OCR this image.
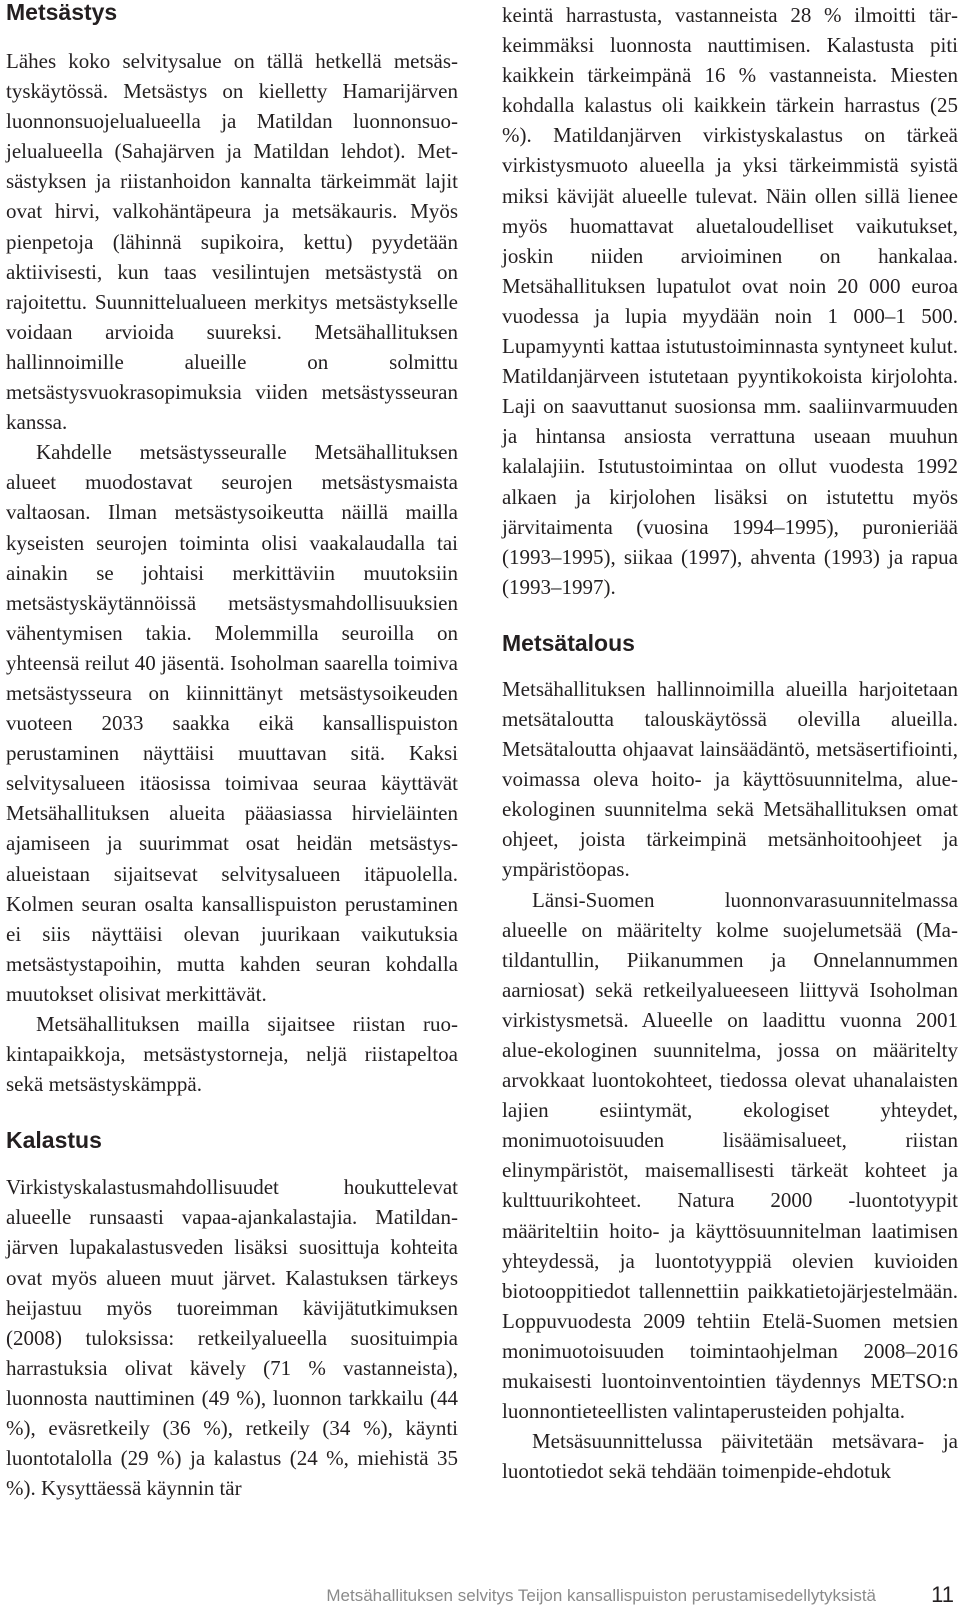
Metsästys

Lähes koko selvitysalue on tällä hetkellä metsästyskäytössä. Metsästys on kielletty Hamarijärven luonnonsuojelualueella ja Matildan luonnonsuojelualueella (Sahajärven ja Matildan lehdot). Metsästyksen ja riistanhoidon kannalta tärkeimmät lajit ovat hirvi, valkohäntäpeura ja metsäkauris. Myös pienpetoja (lähinnä supikoira, kettu) pyydetään aktiivisesti, kun taas vesilintujen metsästystä on rajoitettu. Suunnittelualueen merkitys metsästykselle voidaan arvioida suureksi. Metsähallituksen hallinnoimille alueille on solmittu metsästysvuokrasopimuksia viiden metsästysseuran kanssa.

Kahdelle metsästysseuralle Metsähallituksen alueet muodostavat seurojen metsästysmaista valtaosan. Ilman metsästysoikeutta näillä mailla kyseisten seurojen toiminta olisi vaakalaudalla tai ainakin se johtaisi merkittäviin muutoksiin metsästyskäytännöissä metsästysmahdollisuuksien vähentymisen takia. Molemmilla seuroilla on yhteensä reilut 40 jäsentä. Isoholman saarella toimiva metsästysseura on kiinnittänyt metsästysoikeuden vuoteen 2033 saakka eikä kansallispuiston perustaminen näyttäisi muuttavan sitä. Kaksi selvitysalueen itäosissa toimivaa seuraa käyttävät Metsähallituksen alueita pääasiassa hirvieläinten ajamiseen ja suurimmat osat heidän metsästysalueistaan sijaitsevat selvitysalueen itäpuolella. Kolmen seuran osalta kansallispuiston perustaminen ei siis näyttäisi olevan juurikaan vaikutuksia metsästystapoihin, mutta kahden seuran kohdalla muutokset olisivat merkittävät.

Metsähallituksen mailla sijaitsee riistan ruokintapaikkoja, metsästystorneja, neljä riistapeltoa sekä metsästyskämppä.

Kalastus

Virkistyskalastusmahdollisuudet houkuttelevat alueelle runsaasti vapaa-ajankalastajia. Matildanjärven lupakalastusveden lisäksi suosittuja kohteita ovat myös alueen muut järvet. Kalastuksen tärkeys heijastuu myös tuoreimman kävijätutkimuksen (2008) tuloksissa: retkeilyalueella suosituimpia harrastuksia olivat kävely (71 % vastanneista), luonnosta nauttiminen (49 %), luonnon tarkkailu (44 %), eväsretkeily (36 %), retkeily (34 %), käynti luontotalolla (29 %) ja kalastus (24 %, miehistä 35 %). Kysyttäessä käynnin tär

keintä harrastusta, vastanneista 28 % ilmoitti tärkeimmäksi luonnosta nauttimisen. Kalastusta piti kaikkein tärkeimpänä 16 % vastanneista. Miesten kohdalla kalastus oli kaikkein tärkein harrastus (25 %). Matildanjärven virkistyskalastus on tärkeä virkistysmuoto alueella ja yksi tärkeimmistä syistä miksi kävijät alueelle tulevat. Näin ollen sillä lienee myös huomattavat aluetaloudelliset vaikutukset, joskin niiden arvioiminen on hankalaa. Metsähallituksen lupatulot ovat noin 20 000 euroa vuodessa ja lupia myydään noin 1 000–1 500. Lupamyynti kattaa istutustoiminnasta syntyneet kulut. Matildanjärveen istutetaan pyyntikokoista kirjolohta. Laji on saavuttanut suosionsa mm. saaliinvarmuuden ja hintansa ansiosta verrattuna useaan muuhun kalalajiin. Istutustoimintaa on ollut vuodesta 1992 alkaen ja kirjolohen lisäksi on istutettu myös järvitaimenta (vuosina 1994–1995), puronieriää (1993–1995), siikaa (1997), ahventa (1993) ja rapua (1993–1997).

Metsätalous

Metsähallituksen hallinnoimilla alueilla harjoitetaan metsätaloutta talouskäytössä olevilla alueilla. Metsätaloutta ohjaavat lainsäädäntö, metsäsertifiointi, voimassa oleva hoito- ja käyttösuunnitelma, alue-ekologinen suunnitelma sekä Metsähallituksen omat ohjeet, joista tärkeimpinä metsänhoitoohjeet ja ympäristöopas.

Länsi-Suomen luonnonvarasuunnitelmassa alueelle on määritelty kolme suojelumetsää (Matildantullin, Piikanummen ja Onnelannummen aarniosat) sekä retkeilyalueeseen liittyvä Isoholman virkistysmetsä. Alueelle on laadittu vuonna 2001 alue-ekologinen suunnitelma, jossa on määritelty arvokkaat luontokohteet, tiedossa olevat uhanalaisten lajien esiintymät, ekologiset yhteydet, monimuotoisuuden lisäämisalueet, riistan elinympäristöt, maisemallisesti tärkeät kohteet ja kulttuurikohteet. Natura 2000 -luontotyypit määriteltiin hoito- ja käyttösuunnitelman laatimisen yhteydessä, ja luontotyyppiä olevien kuvioiden biotooppitiedot tallennettiin paikkatietojärjestelmään. Loppuvuodesta 2009 tehtiin Etelä-Suomen metsien monimuotoisuuden toimintaohjelman 2008–2016 mukaisesti luontoinventointien täydennys METSO:n luonnontieteellisten valintaperusteiden pohjalta.

Metsäsuunnittelussa päivitetään metsävara- ja luontotiedot sekä tehdään toimenpide-ehdotuk

Metsähallituksen selvitys Teijon kansallispuiston perustamisedellytyksistä	11
